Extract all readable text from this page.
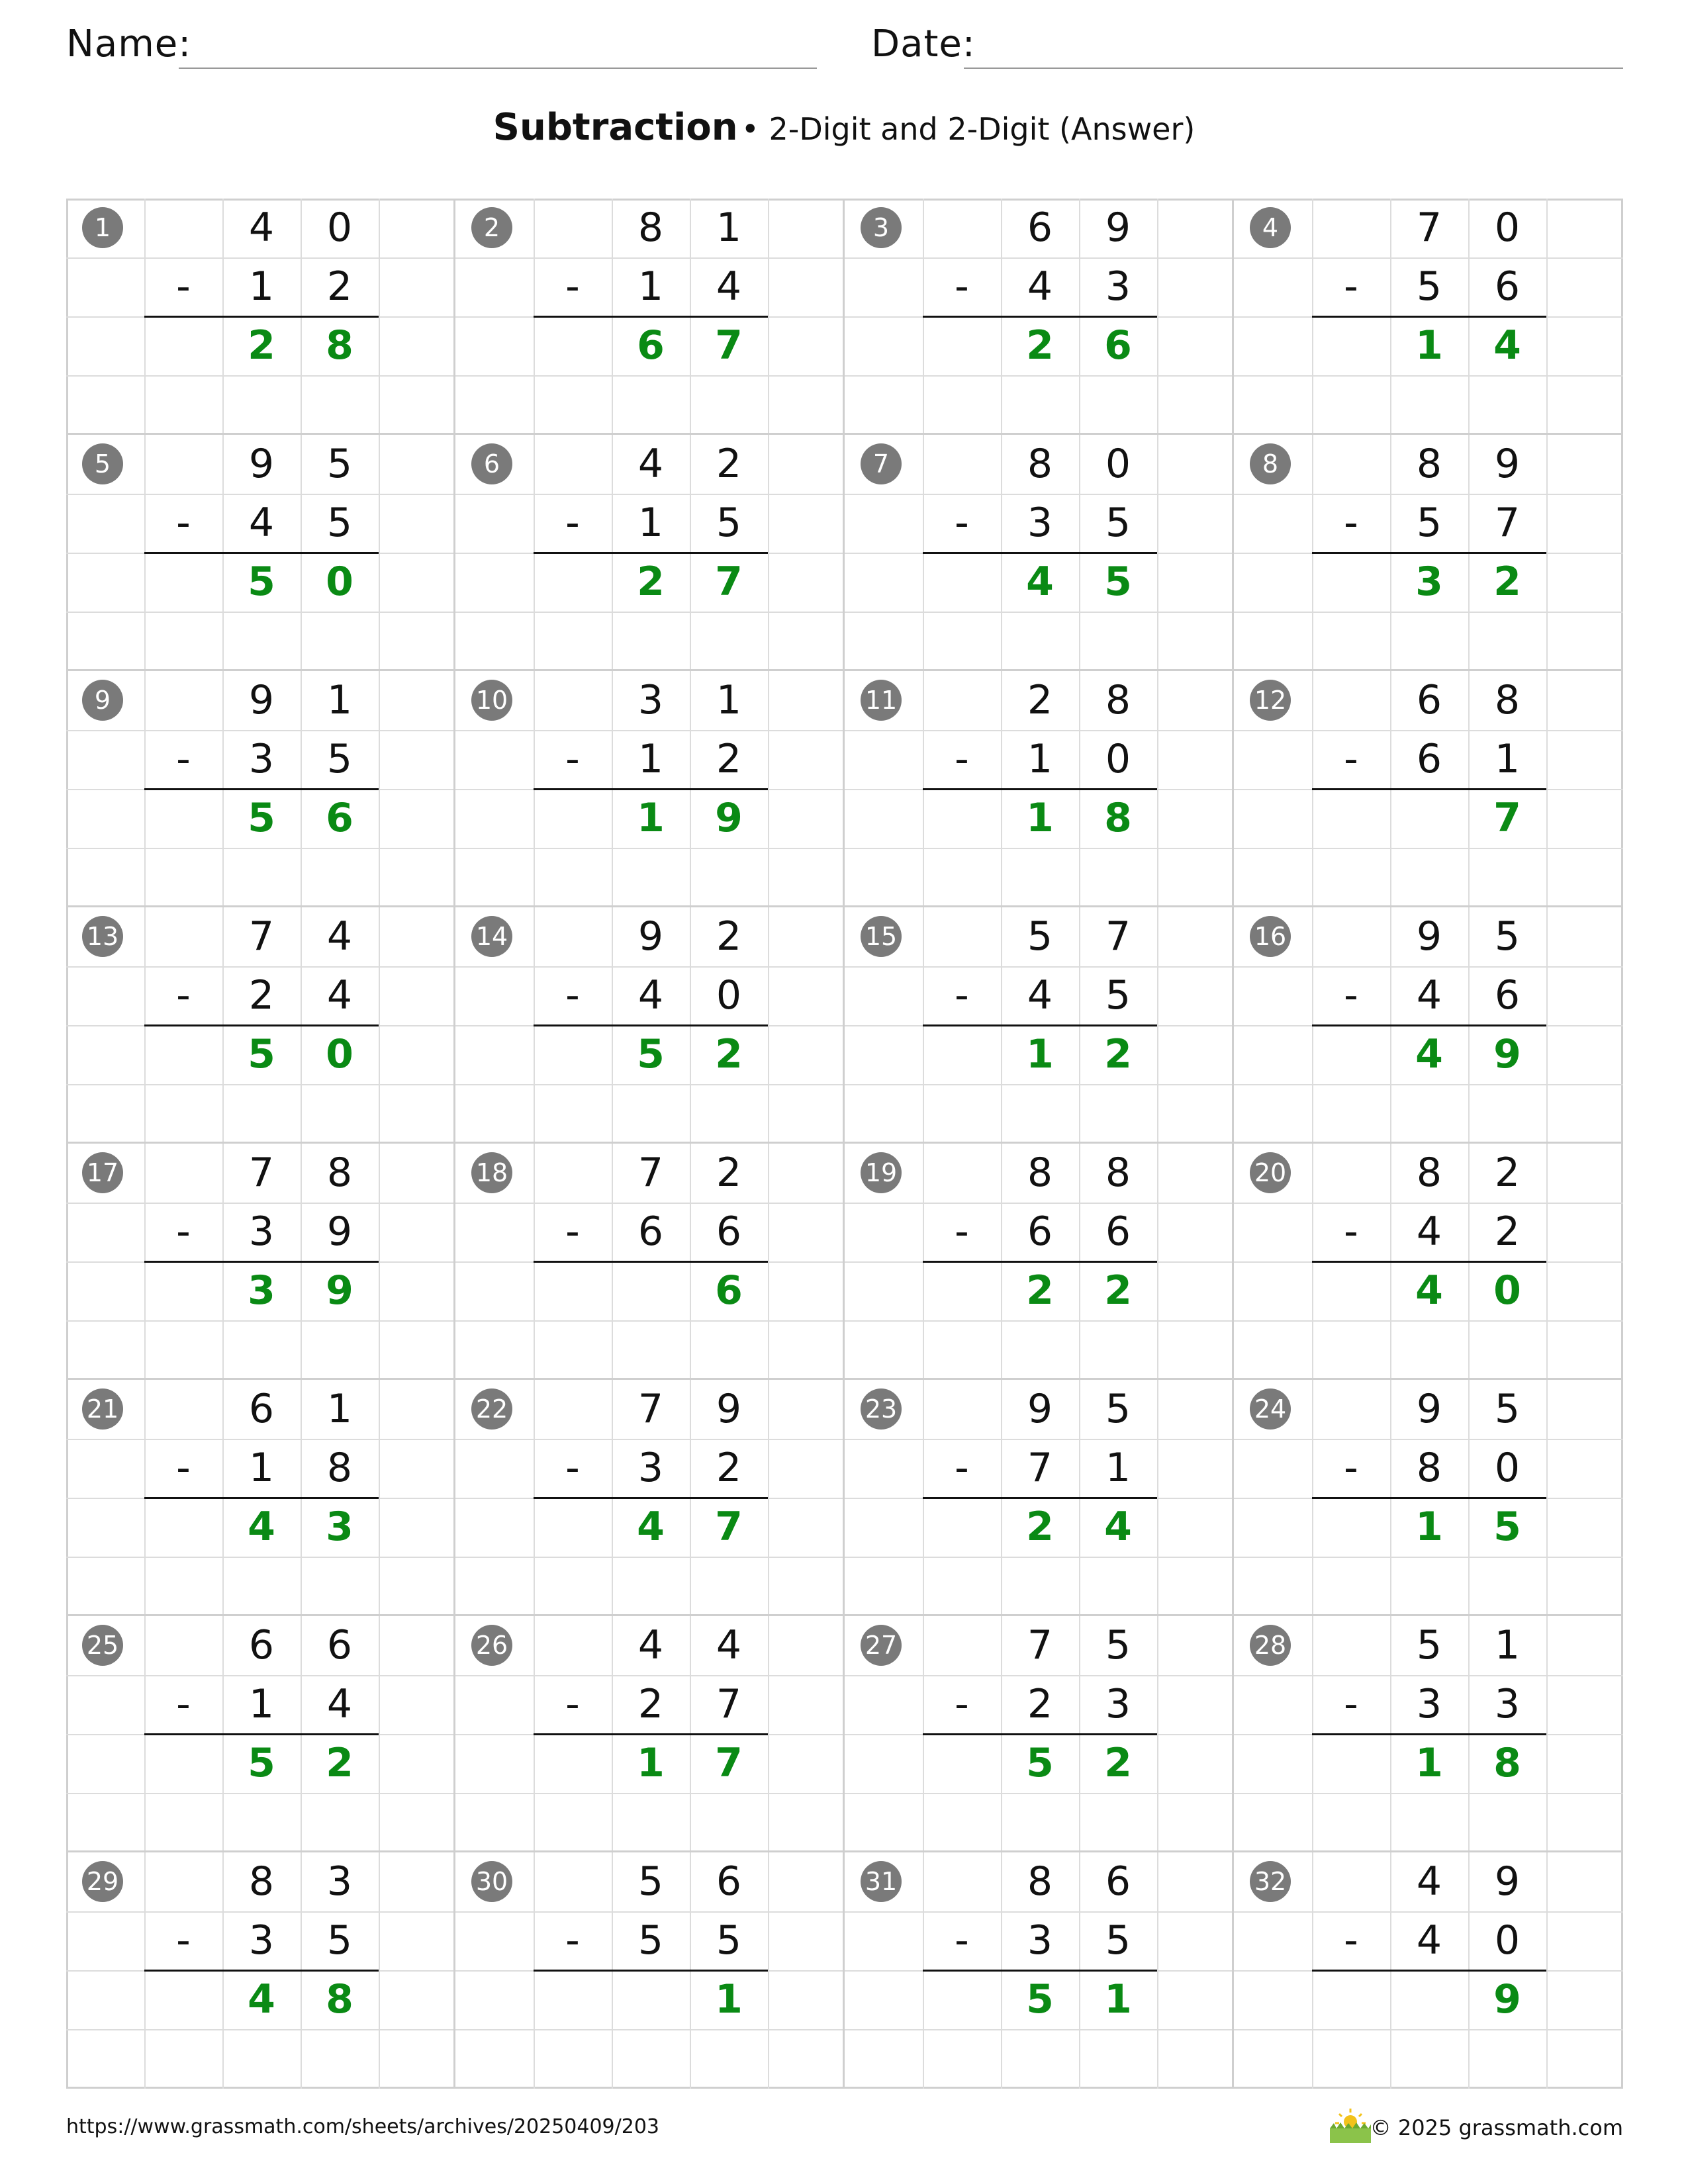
Name:	Date:
Subtraction • 2-Digit and 2-Digit (Answer)
1	4	0
-	1	2
2	8
2	8	1
-	1	4
6	7
3	6	9
-	4	3
2	6
4	7	0
-	5	6
1	4
5	9	5
-	4	5
5	0
6	4	2
-	1	5
2	7
7	8	0
-	3	5
4	5
8	8	9
-	5	7
3	2
9	9	1
-	3	5
5	6
10	3	1
-	1	2
1	9
11	2	8
-	1	0
1	8
12	6	8
-	6	1
7
13	7	4
-	2	4
5	0
14	9	2
-	4	0
5	2
15	5	7
-	4	5
1	2
16	9	5
-	4	6
4	9
17	7	8
-	3	9
3	9
18	7	2
-	6	6
6
19	8	8
-	6	6
2	2
20	8	2
-	4	2
4	0
21	6	1
-	1	8
4	3
22	7	9
-	3	2
4	7
23	9	5
-	7	1
2	4
24	9	5
-	8	0
1	5
25	6	6
-	1	4
5	2
26	4	4
-	2	7
1	7
27	7	5
-	2	3
5	2
28	5	1
-	3	3
1	8
29	8	3
-	3	5
4	8
30	5	6
-	5	5
1
31	8	6
-	3	5
5	1
32	4	9
-	4	0
9
https://www.grassmath.com/sheets/archives/20250409/203	© 2025 grassmath.com
